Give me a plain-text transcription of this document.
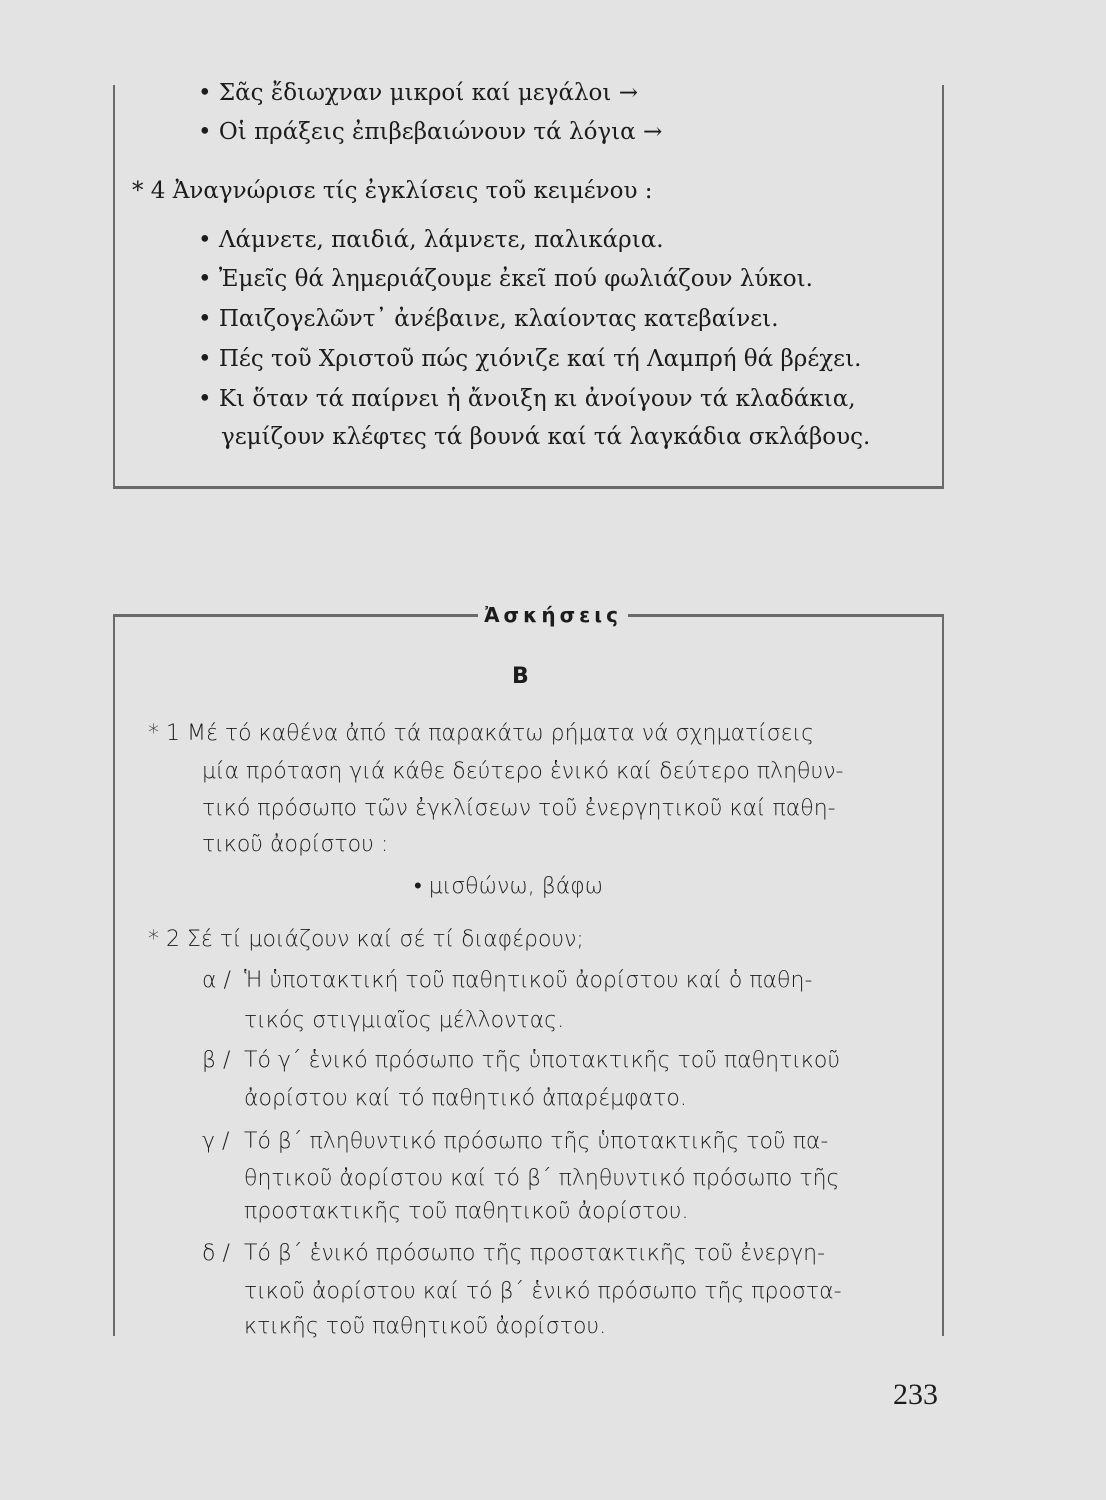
• Σᾶς ἔδιωχναν μικροί καί μεγάλοι →
• Οἱ πράξεις ἐπιβεβαιώνουν τά λόγια →
* 4 Ἀναγνώρισε τίς ἐγκλίσεις τοῦ κειμένου :
• Λάμνετε, παιδιά, λάμνετε, παλικάρια.
• Ἐμεῖς θά λημεριάζουμε ἐκεῖ πού φωλιάζουν λύκοι.
• Παιζογελῶντ᾽ ἀνέβαινε, κλαίοντας κατεβαίνει.
• Πές τοῦ Χριστοῦ πώς χιόνιζε καί τή Λαμπρή θά βρέχει.
• Κι ὅταν τά παίρνει ἡ ἄνοιξη κι ἀνοίγουν τά κλαδάκια,
γεμίζουν κλέφτες τά βουνά καί τά λαγκάδια σκλάβους.
Ἀσκήσεις
B
* 1 Μέ τό καθένα ἀπό τά παρακάτω ρήματα νά σχηματίσεις
μία πρόταση γιά κάθε δεύτερο ἑνικό καί δεύτερο πληθυν-
τικό πρόσωπο τῶν ἐγκλίσεων τοῦ ἐνεργητικοῦ καί παθη-
τικοῦ ἀορίστου :
• μισθώνω, βάφω
* 2 Σέ τί μοιάζουν καί σέ τί διαφέρουν;
α / Ἡ ὑποτακτική τοῦ παθητικοῦ ἀορίστου καί ὁ παθη-
τικός στιγμιαῖος μέλλοντας.
β / Τό γ΄ ἑνικό πρόσωπο τῆς ὑποτακτικῆς τοῦ παθητικοῦ
ἀορίστου καί τό παθητικό ἀπαρέμφατο.
γ / Τό β΄ πληθυντικό πρόσωπο τῆς ὑποτακτικῆς τοῦ πα-
θητικοῦ ἀορίστου καί τό β΄ πληθυντικό πρόσωπο τῆς
προστακτικῆς τοῦ παθητικοῦ ἀορίστου.
δ / Τό β΄ ἑνικό πρόσωπο τῆς προστακτικῆς τοῦ ἐνεργη-
τικοῦ ἀορίστου καί τό β΄ ἑνικό πρόσωπο τῆς προστα-
κτικῆς τοῦ παθητικοῦ ἀορίστου.
233
